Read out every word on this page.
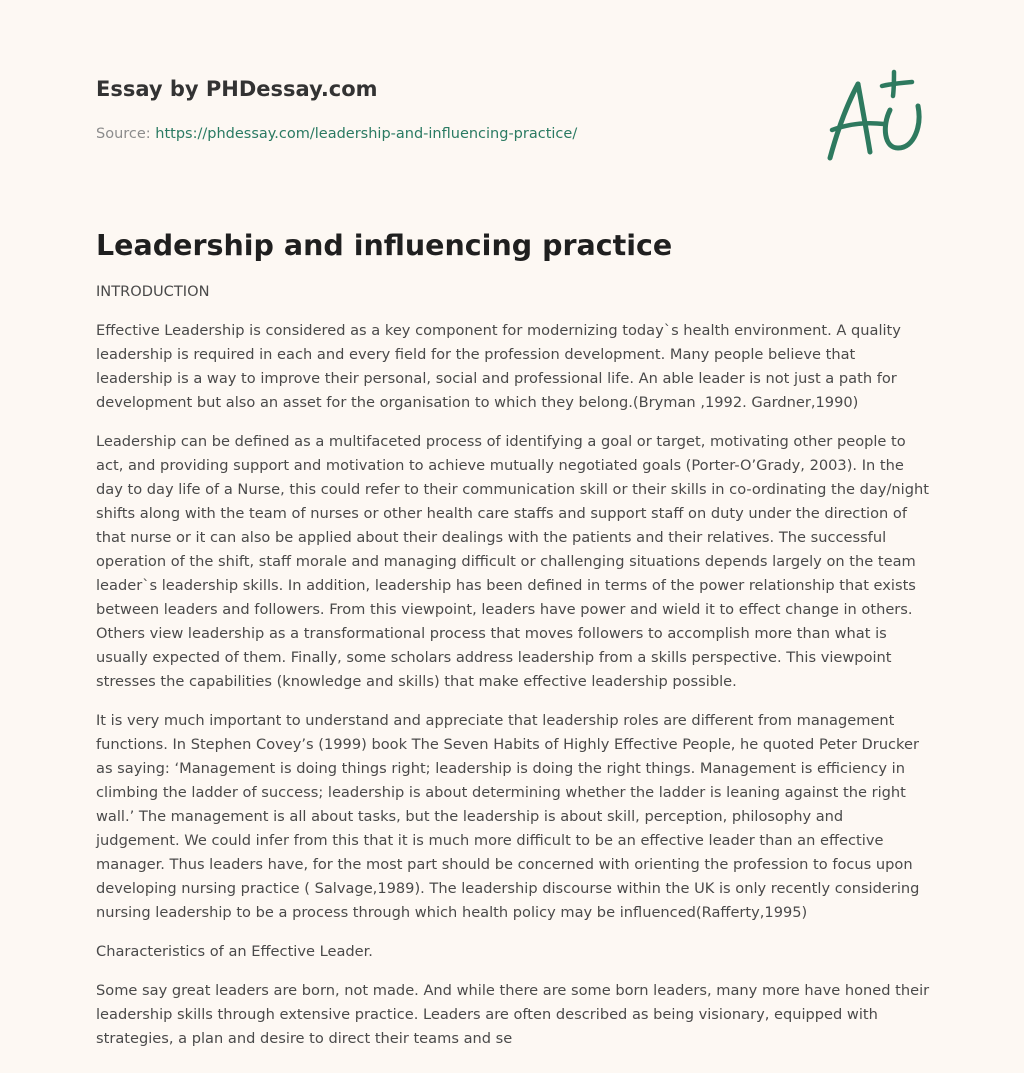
Essay by PHDessay.com
Source: https://phdessay.com/leadership-and-influencing-practice/
Leadership and influencing practice

INTRODUCTION

Effective Leadership is considered as a key component for modernizing today`s health environment. A quality leadership is required in each and every field for the profession development. Many people believe that leadership is a way to improve their personal, social and professional life. An able leader is not just a path for development but also an asset for the organisation to which they belong.(Bryman ,1992. Gardner,1990)

Leadership can be defined as a multifaceted process of identifying a goal or target, motivating other people to act, and providing support and motivation to achieve mutually negotiated goals (Porter-O’Grady, 2003). In the day to day life of a Nurse, this could refer to their communication skill or their skills in co-ordinating the day/night shifts along with the team of nurses or other health care staffs and support staff on duty under the direction of that nurse or it can also be applied about their dealings with the patients and their relatives. The successful operation of the shift, staff morale and managing difficult or challenging situations depends largely on the team leader`s leadership skills. In addition, leadership has been defined in terms of the power relationship that exists between leaders and followers. From this viewpoint, leaders have power and wield it to effect change in others. Others view leadership as a transformational process that moves followers to accomplish more than what is usually expected of them. Finally, some scholars address leadership from a skills perspective. This viewpoint stresses the capabilities (knowledge and skills) that make effective leadership possible.

It is very much important to understand and appreciate that leadership roles are different from management functions. In Stephen Covey’s (1999) book The Seven Habits of Highly Effective People, he quoted Peter Drucker as saying: ‘Management is doing things right; leadership is doing the right things. Management is efficiency in climbing the ladder of success; leadership is about determining whether the ladder is leaning against the right wall.’ The management is all about tasks, but the leadership is about skill, perception, philosophy and judgement. We could infer from this that it is much more difficult to be an effective leader than an effective manager. Thus leaders have, for the most part should be concerned with orienting the profession to focus upon developing nursing practice ( Salvage,1989). The leadership discourse within the UK is only recently considering nursing leadership to be a process through which health policy may be influenced(Rafferty,1995)

Characteristics of an Effective Leader.

Some say great leaders are born, not made. And while there are some born leaders, many more have honed their leadership skills through extensive practice. Leaders are often described as being visionary, equipped with strategies, a plan and desire to direct their teams and se
